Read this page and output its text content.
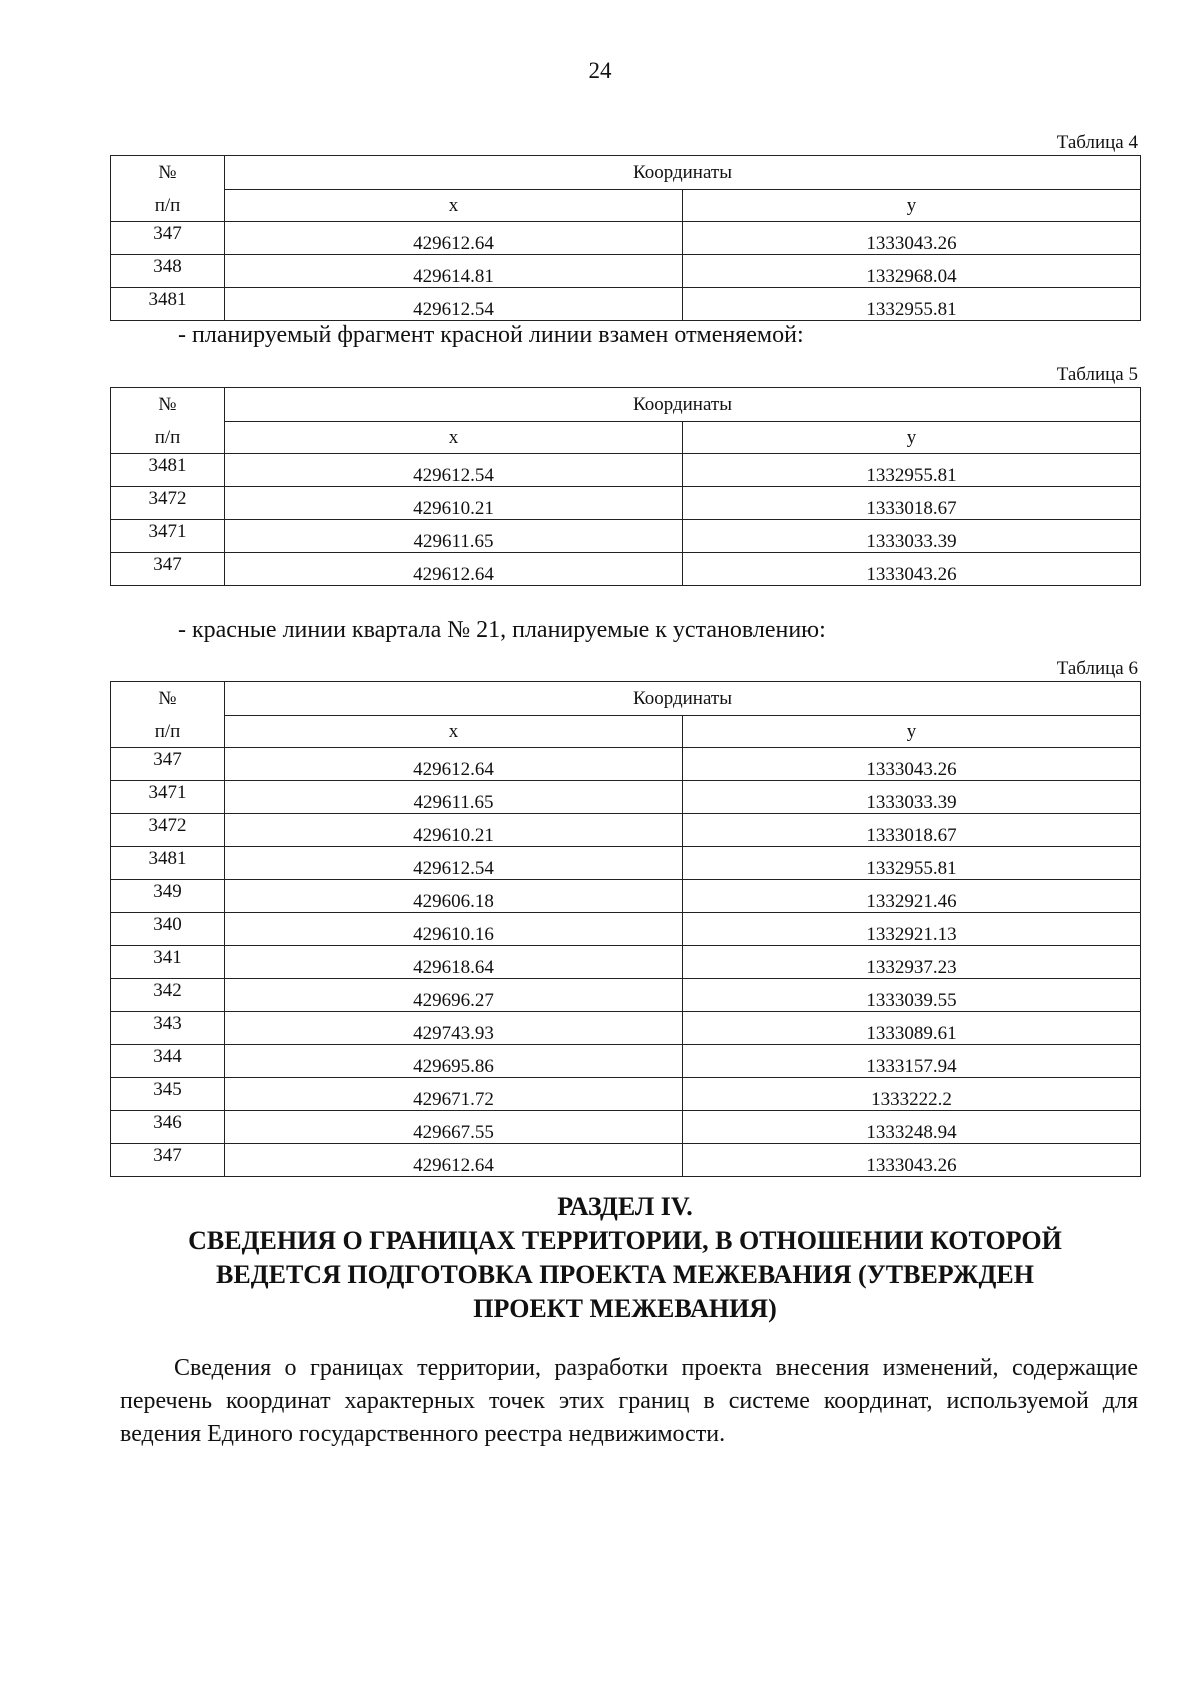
24
Таблица 4
№	Координаты	
п/п	x	y
347	429612.64	1333043.26
348	429614.81	1332968.04
3481	429612.54	1332955.81
- планируемый фрагмент красной линии взамен отменяемой:
Таблица 5
№	Координаты	
п/п	x	y
3481	429612.54	1332955.81
3472	429610.21	1333018.67
3471	429611.65	1333033.39
347	429612.64	1333043.26
- красные линии квартала № 21, планируемые к установлению:
Таблица 6
№	Координаты	
п/п	x	y
347	429612.64	1333043.26
3471	429611.65	1333033.39
3472	429610.21	1333018.67
3481	429612.54	1332955.81
349	429606.18	1332921.46
340	429610.16	1332921.13
341	429618.64	1332937.23
342	429696.27	1333039.55
343	429743.93	1333089.61
344	429695.86	1333157.94
345	429671.72	1333222.2
346	429667.55	1333248.94
347	429612.64	1333043.26
РАЗДЕЛ IV.
СВЕДЕНИЯ О ГРАНИЦАХ ТЕРРИТОРИИ, В ОТНОШЕНИИ КОТОРОЙ
ВЕДЕТСЯ ПОДГОТОВКА ПРОЕКТА МЕЖЕВАНИЯ (УТВЕРЖДЕН
ПРОЕКТ МЕЖЕВАНИЯ)
Сведения о границах территории, разработки проекта внесения изменений, содержащие перечень координат характерных точек этих границ в системе координат, используемой для ведения Единого государственного реестра недвижимости.
